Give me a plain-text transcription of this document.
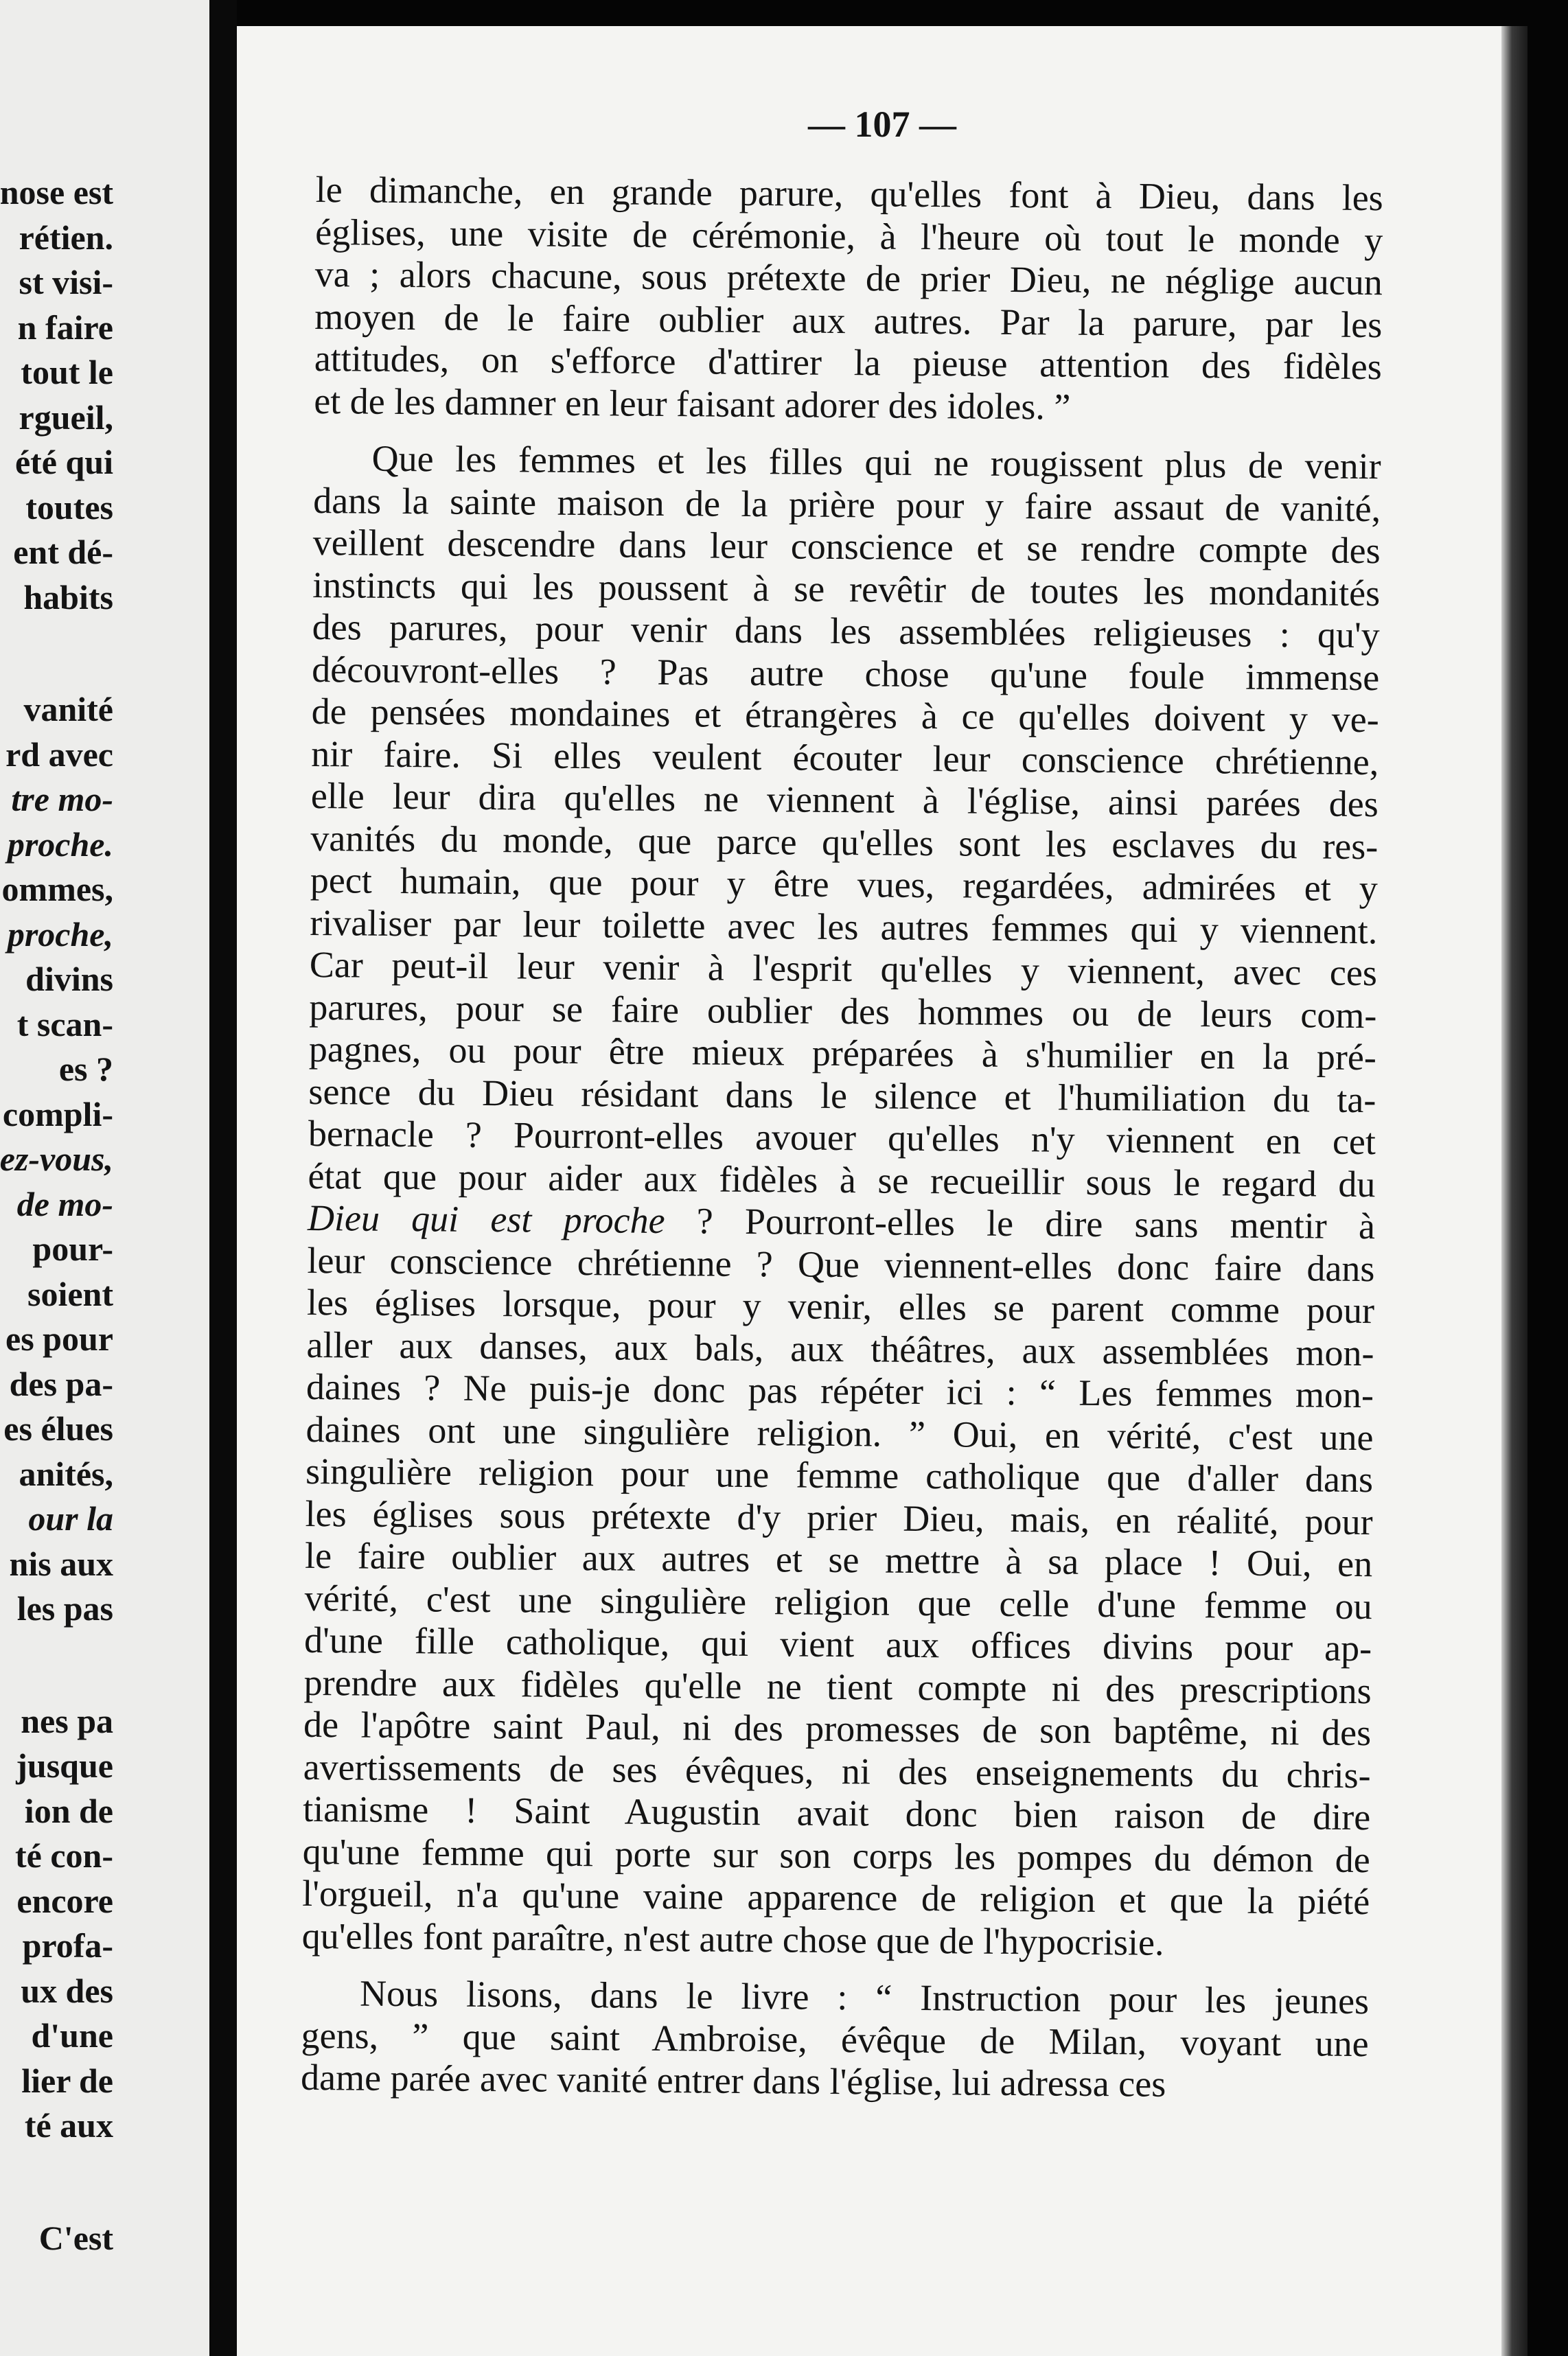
nose est
rétien.
st visi-
n faire
tout le
rgueil,
été qui
toutes
ent dé-
habits
vanité
rd avec
tre mo-
proche.
ommes,
proche,
divins
t scan-
es ?
compli-
ez-vous,
de mo-
pour-
soient
es pour
des pa-
es élues
anités,
our la
nis aux
les pas
nes pa
jusque
ion de
té con-
encore
profa-
ux des
d'une
lier de
té aux
C'est
— 107 —

le dimanche, en grande parure, qu'elles font à Dieu, dans les
églises, une visite de cérémonie, à l'heure où tout le monde y
va ; alors chacune, sous prétexte de prier Dieu, ne néglige aucun
moyen de le faire oublier aux autres. Par la parure, par les
attitudes, on s'efforce d'attirer la pieuse attention des fidèles
et de les damner en leur faisant adorer des idoles. ”

Que les femmes et les filles qui ne rougissent plus de venir
dans la sainte maison de la prière pour y faire assaut de vanité,
veillent descendre dans leur conscience et se rendre compte des
instincts qui les poussent à se revêtir de toutes les mondanités
des parures, pour venir dans les assemblées religieuses : qu'y
découvront-elles ? Pas autre chose qu'une foule immense
de pensées mondaines et étrangères à ce qu'elles doivent y ve-
nir faire. Si elles veulent écouter leur conscience chrétienne,
elle leur dira qu'elles ne viennent à l'église, ainsi parées des
vanités du monde, que parce qu'elles sont les esclaves du res-
pect humain, que pour y être vues, regardées, admirées et y
rivaliser par leur toilette avec les autres femmes qui y viennent.
Car peut-il leur venir à l'esprit qu'elles y viennent, avec ces
parures, pour se faire oublier des hommes ou de leurs com-
pagnes, ou pour être mieux préparées à s'humilier en la pré-
sence du Dieu résidant dans le silence et l'humiliation du ta-
bernacle ? Pourront-elles avouer qu'elles n'y viennent en cet
état que pour aider aux fidèles à se recueillir sous le regard du
Dieu qui est proche ? Pourront-elles le dire sans mentir à
leur conscience chrétienne ? Que viennent-elles donc faire dans
les églises lorsque, pour y venir, elles se parent comme pour
aller aux danses, aux bals, aux théâtres, aux assemblées mon-
daines ? Ne puis-je donc pas répéter ici : “ Les femmes mon-
daines ont une singulière religion. ” Oui, en vérité, c'est une
singulière religion pour une femme catholique que d'aller dans
les églises sous prétexte d'y prier Dieu, mais, en réalité, pour
le faire oublier aux autres et se mettre à sa place ! Oui, en
vérité, c'est une singulière religion que celle d'une femme ou
d'une fille catholique, qui vient aux offices divins pour ap-
prendre aux fidèles qu'elle ne tient compte ni des prescriptions
de l'apôtre saint Paul, ni des promesses de son baptême, ni des
avertissements de ses évêques, ni des enseignements du chris-
tianisme ! Saint Augustin avait donc bien raison de dire
qu'une femme qui porte sur son corps les pompes du démon de
l'orgueil, n'a qu'une vaine apparence de religion et que la piété
qu'elles font paraître, n'est autre chose que de l'hypocrisie.

Nous lisons, dans le livre : “ Instruction pour les jeunes
gens, ” que saint Ambroise, évêque de Milan, voyant une
dame parée avec vanité entrer dans l'église, lui adressa ces
